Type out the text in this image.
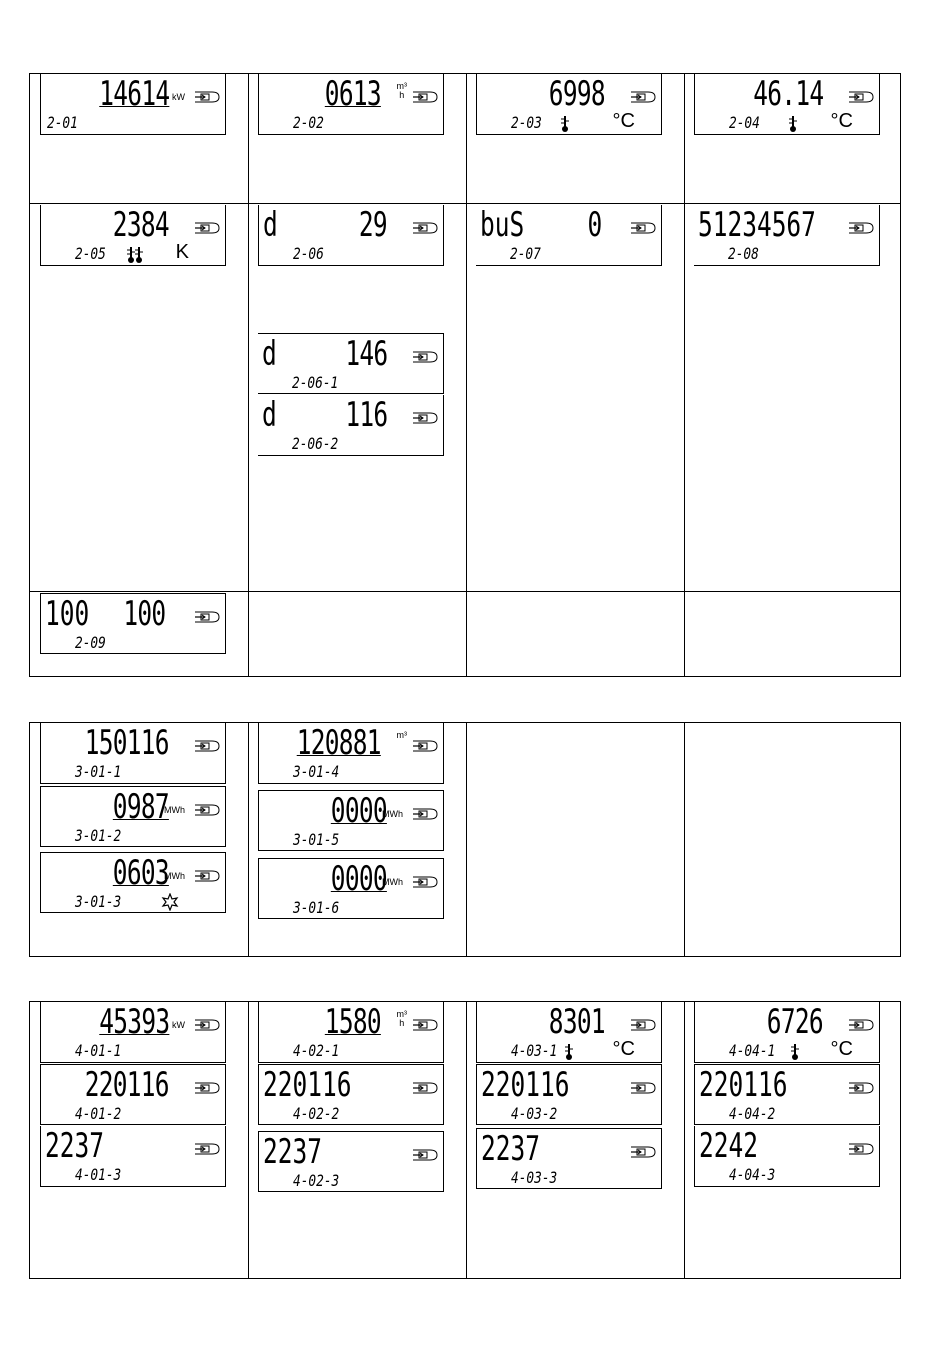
14614 kW
2-01
0613 m³
h
2-02
6998
2-03	°C
46.14
2-04	°C
2384
2-05	K
d 29
2-06
d 146
2-06-1
d 116
2-06-2
buS 0
2-07
51234567
2-08
100 100
2-09
150116
3-01-1
0987
MWh
3-01-2
0603
MWh
3-01-3
120881 m³
3-01-4
0000
MWh
3-01-5
0000
MWh
3-01-6
45393 kW
4-01-1
220116
4-01-2
2237
4-01-3
1580 m³
h
4-02-1
220116
4-02-2
2237
4-02-3
8301
4-03-1	°C
220116
4-03-2
2237
4-03-3
6726
4-04-1	°C
220116
4-04-2
2242
4-04-3
